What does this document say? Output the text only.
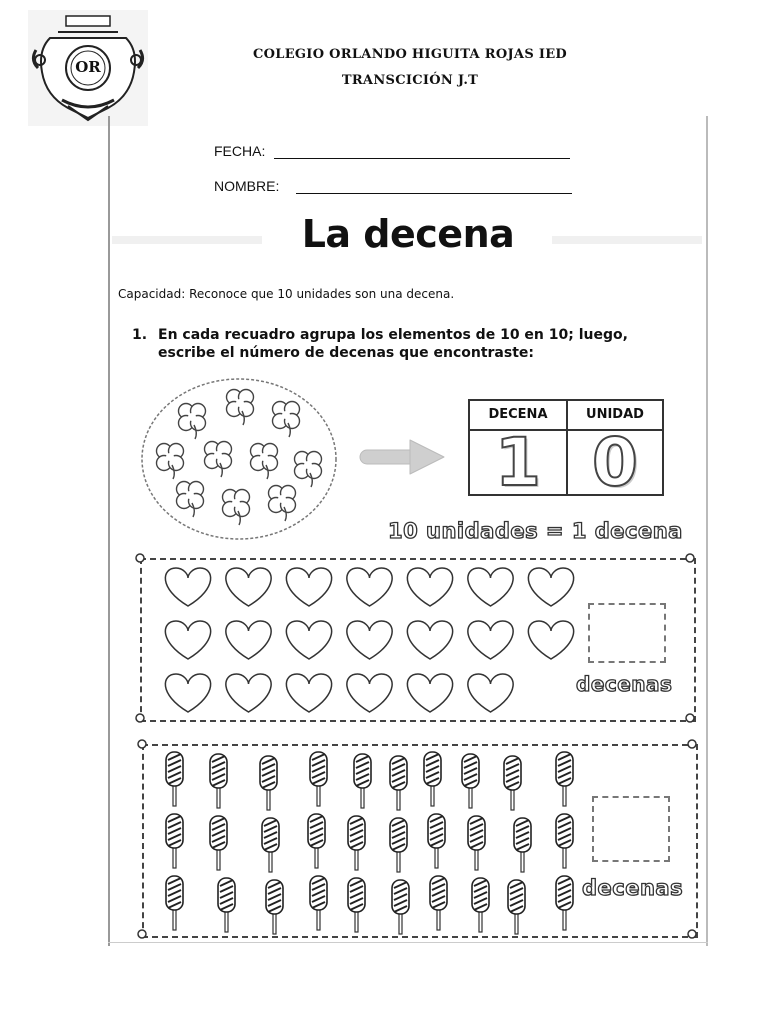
OR
COLEGIO ORLANDO HIGUITA ROJAS IED
TRANSCICIÓN J.T
FECHA:
NOMBRE:
La decena
Capacidad: Reconoce que 10 unidades son una decena.
1. En cada recuadro agrupa los elementos de 10 en 10; luego,
escribe el número de decenas que encontraste:
DECENA	UNIDAD
1 0
10 unidades = 1 decena
decenas
decenas
